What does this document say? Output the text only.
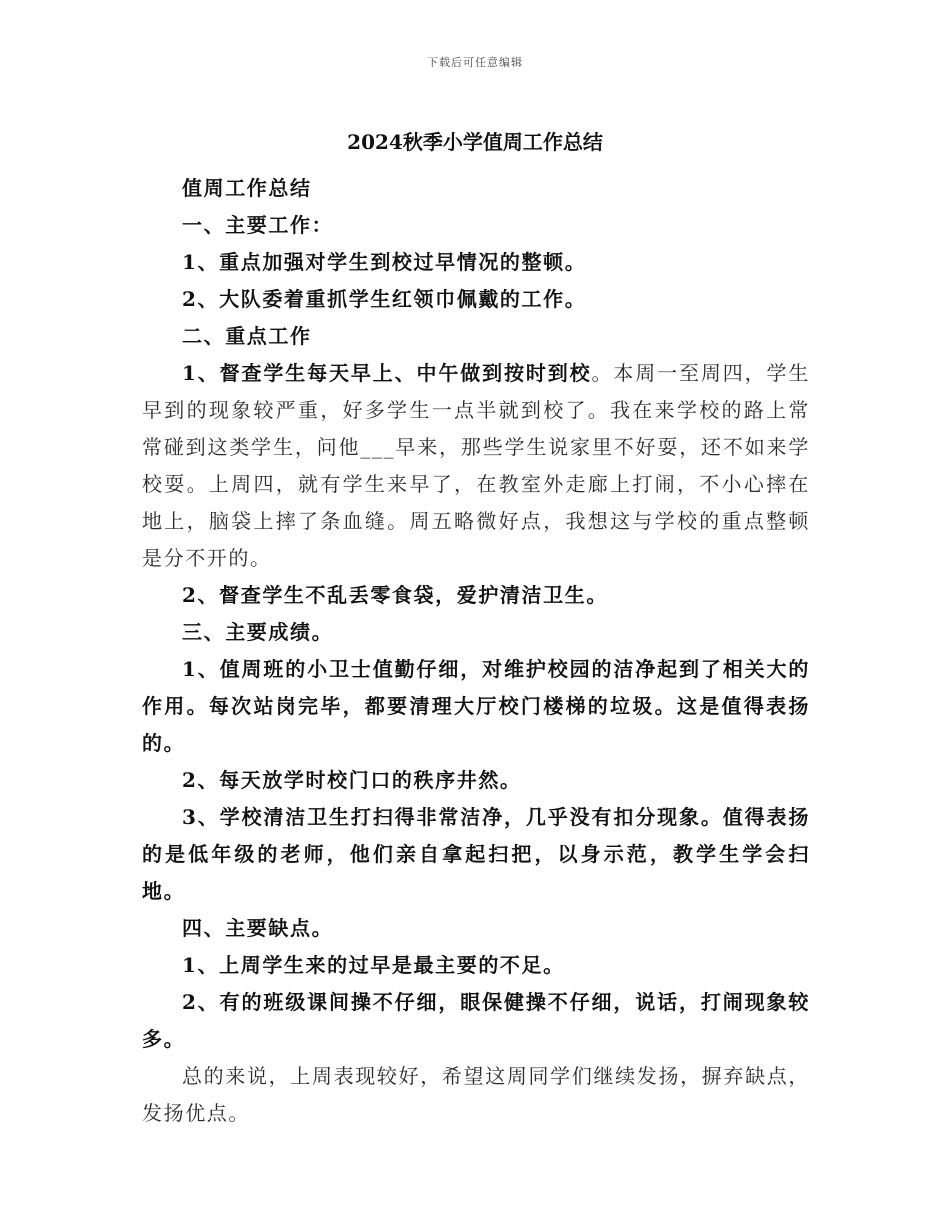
下载后可任意编辑
2024秋季小学值周工作总结

值周工作总结

一、主要工作：

1、重点加强对学生到校过早情况的整顿。

2、大队委着重抓学生红领巾佩戴的工作。

二、重点工作

1、督查学生每天早上、中午做到按时到校。本周一至周四，学生早到的现象较严重，好多学生一点半就到校了。我在来学校的路上常常碰到这类学生，问他___早来，那些学生说家里不好耍，还不如来学校耍。上周四，就有学生来早了，在教室外走廊上打闹，不小心摔在地上，脑袋上摔了条血缝。周五略微好点，我想这与学校的重点整顿是分不开的。

2、督查学生不乱丢零食袋，爱护清洁卫生。

三、主要成绩。

1、值周班的小卫士值勤仔细，对维护校园的洁净起到了相关大的作用。每次站岗完毕，都要清理大厅校门楼梯的垃圾。这是值得表扬的。

2、每天放学时校门口的秩序井然。

3、学校清洁卫生打扫得非常洁净，几乎没有扣分现象。值得表扬的是低年级的老师，他们亲自拿起扫把，以身示范，教学生学会扫地。

四、主要缺点。

1、上周学生来的过早是最主要的不足。

2、有的班级课间操不仔细，眼保健操不仔细，说话，打闹现象较多。

总的来说，上周表现较好，希望这周同学们继续发扬，摒弃缺点，发扬优点。
